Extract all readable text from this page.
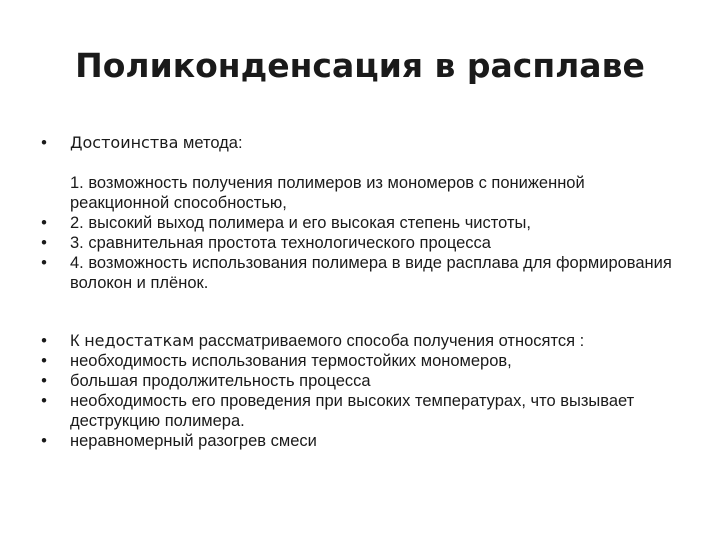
Поликонденсация в расплаве
• Достоинства метода:
1. возможность получения полимеров из мономеров с пониженной реакционной способностью,
• 2. высокий выход полимера и его высокая степень чистоты,
• 3. сравнительная простота технологического процесса
• 4. возможность использования полимера в виде расплава для формирования волокон и плёнок.
• К недостаткам рассматриваемого способа получения относятся :
• необходимость использования термостойких мономеров,
• большая продолжительность процесса
• необходимость его проведения при высоких температурах, что вызывает деструкцию полимера.
• неравномерный разогрев смеси
